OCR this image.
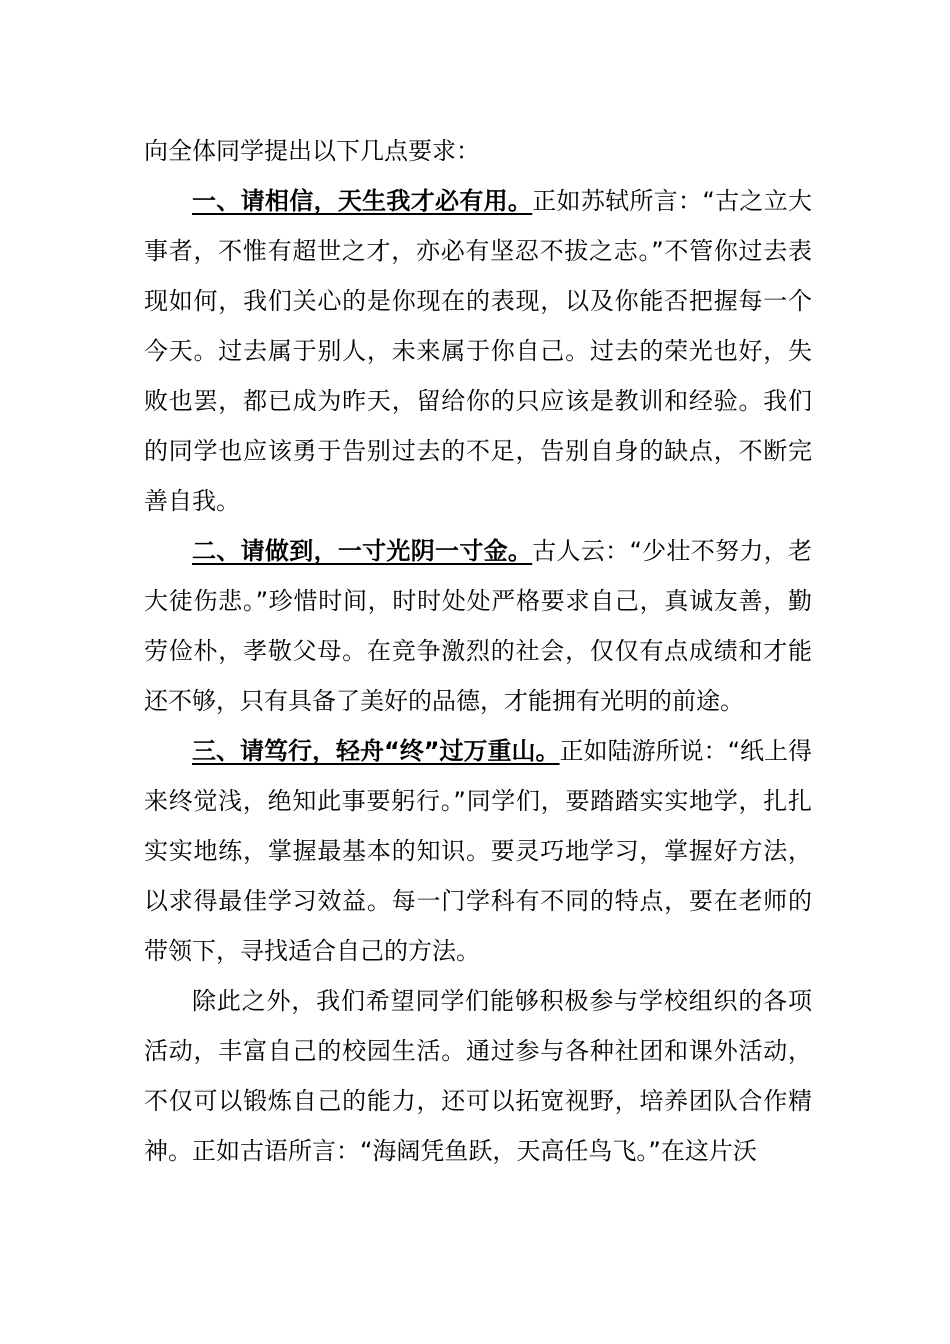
向全体同学提出以下几点要求：

一、请相信，天生我才必有用。正如苏轼所言：“古之立大事者，不惟有超世之才，亦必有坚忍不拔之志。”不管你过去表现如何，我们关心的是你现在的表现，以及你能否把握每一个今天。过去属于别人，未来属于你自己。过去的荣光也好，失败也罢，都已成为昨天，留给你的只应该是教训和经验。我们的同学也应该勇于告别过去的不足，告别自身的缺点，不断完善自我。

二、请做到，一寸光阴一寸金。古人云：“少壮不努力，老大徒伤悲。”珍惜时间，时时处处严格要求自己，真诚友善，勤劳俭朴，孝敬父母。在竞争激烈的社会，仅仅有点成绩和才能还不够，只有具备了美好的品德，才能拥有光明的前途。

三、请笃行，轻舟“终”过万重山。正如陆游所说：“纸上得来终觉浅，绝知此事要躬行。”同学们，要踏踏实实地学，扎扎实实地练，掌握最基本的知识。要灵巧地学习，掌握好方法，以求得最佳学习效益。每一门学科有不同的特点，要在老师的带领下，寻找适合自己的方法。

除此之外，我们希望同学们能够积极参与学校组织的各项活动，丰富自己的校园生活。通过参与各种社团和课外活动，不仅可以锻炼自己的能力，还可以拓宽视野，培养团队合作精神。正如古语所言：“海阔凭鱼跃，天高任鸟飞。”在这片沃
